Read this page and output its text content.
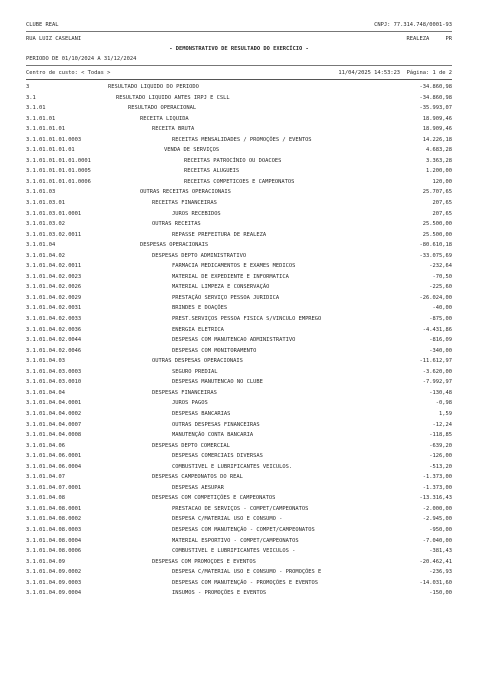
CLUBE REAL	CNPJ: 77.314.748/0001-93
RUA LUIZ CASELANI	REALEZA	PR
- DEMONSTRATIVO DE RESULTADO DO EXERCÍCIO -
PERIODO DE 01/10/2024 A 31/12/2024
Centro de custo: < Todas >	11/04/2025 14:53:23 Página: 1 de 2
3	RESULTADO LIQUIDO DO PERIODO	-34.860,98
3.1	RESULTADO LIQUIDO ANTES IRPJ E CSLL	-34.860,98
3.1.01	RESULTADO OPERACIONAL	-35.993,07
3.1.01.01	RECEITA LIQUIDA	18.909,46
3.1.01.01.01	RECEITA BRUTA	18.909,46
3.1.01.01.01.0003	RECEITAS MENSALIDADES / PROMOÇÕES / EVENTOS	14.226,18
3.1.01.01.01.01	VENDA DE SERVIÇOS	4.683,28
3.1.01.01.01.01.0001	RECEITAS PATROCÍNIO OU DOACOES	3.363,28
3.1.01.01.01.01.0005	RECEITAS ALUGUEIS	1.200,00
3.1.01.01.01.01.0006	RECEITAS COMPETICOES E CAMPEONATOS	120,00
3.1.01.03	OUTRAS RECEITAS OPERACIONAIS	25.707,65
3.1.01.03.01	RECEITAS FINANCEIRAS	207,65
3.1.01.03.01.0001	JUROS RECEBIDOS	207,65
3.1.01.03.02	OUTRAS RECEITAS	25.500,00
3.1.01.03.02.0011	REPASSE PREFEITURA DE REALEZA	25.500,00
3.1.01.04	DESPESAS OPERACIONAIS	-80.610,18
3.1.01.04.02	DESPESAS DEPTO ADMINISTRATIVO	-33.075,69
3.1.01.04.02.0011	FARMACIA MEDICAMENTOS E EXAMES MEDICOS	-232,64
3.1.01.04.02.0023	MATERIAL DE EXPEDIENTE E INFORMATICA	-70,50
3.1.01.04.02.0026	MATERIAL LIMPEZA E CONSERVAÇÃO	-225,60
3.1.01.04.02.0029	PRESTAÇÃO SERVIÇO PESSOA JURIDICA	-26.024,00
3.1.01.04.02.0031	BRINDES E DOAÇÕES	-40,00
3.1.01.04.02.0033	PREST.SERVIÇOS PESSOA FISICA S/VINCULO EMPREGO	-875,00
3.1.01.04.02.0036	ENERGIA ELETRICA	-4.431,86
3.1.01.04.02.0044	DESPESAS COM MANUTENCAO ADMINISTRATIVO	-816,09
3.1.01.04.02.0046	DESPESAS COM MONITORAMENTO	-340,00
3.1.01.04.03	OUTRAS DESPESAS OPERACIONAIS	-11.612,97
3.1.01.04.03.0003	SEGURO PREDIAL	-3.620,00
3.1.01.04.03.0010	DESPESAS MANUTENCAO NO CLUBE	-7.992,97
3.1.01.04.04	DESPESAS FINANCEIRAS	-130,48
3.1.01.04.04.0001	JUROS PAGOS	-0,98
3.1.01.04.04.0002	DESPESAS BANCARIAS	1,59
3.1.01.04.04.0007	OUTRAS DESPESAS FINANCEIRAS	-12,24
3.1.01.04.04.0008	MANUTENÇÃO CONTA BANCARIA	-118,85
3.1.01.04.06	DESPESAS DEPTO COMERCIAL	-639,20
3.1.01.04.06.0001	DESPESAS COMERCIAIS DIVERSAS	-126,00
3.1.01.04.06.0004	COMBUSTIVEL E LUBRIFICANTES VEICULOS.	-513,20
3.1.01.04.07	DESPESAS CAMPEONATOS DO REAL	-1.373,00
3.1.01.04.07.0001	DESPESAS AESUPAR	-1.373,00
3.1.01.04.08	DESPESAS COM COMPETIÇÕES E CAMPEONATOS	-13.316,43
3.1.01.04.08.0001	PRESTACAO DE SERVIÇOS - COMPET/CAMPEONATOS	-2.000,00
3.1.01.04.08.0002	DESPESA C/MATERIAL USO E CONSUMO -	-2.945,00
3.1.01.04.08.0003	DESPESAS COM MANUTENÇÃO - COMPET/CAMPEONATOS	-950,00
3.1.01.04.08.0004	MATERIAL ESPORTIVO - COMPET/CAMPEONATOS	-7.040,00
3.1.01.04.08.0006	COMBUSTIVEL E LUBRIFICANTES VEICULOS -	-381,43
3.1.01.04.09	DESPESAS COM PROMOÇOES E EVENTOS	-20.462,41
3.1.01.04.09.0002	DESPESA C/MATERIAL USO E CONSUMO - PROMOÇÕES E	-236,93
3.1.01.04.09.0003	DESPESAS COM MANUTENÇÃO - PROMOÇÕES E EVENTOS	-14.031,60
3.1.01.04.09.0004	INSUMOS - PROMOÇÕES E EVENTOS	-150,00
